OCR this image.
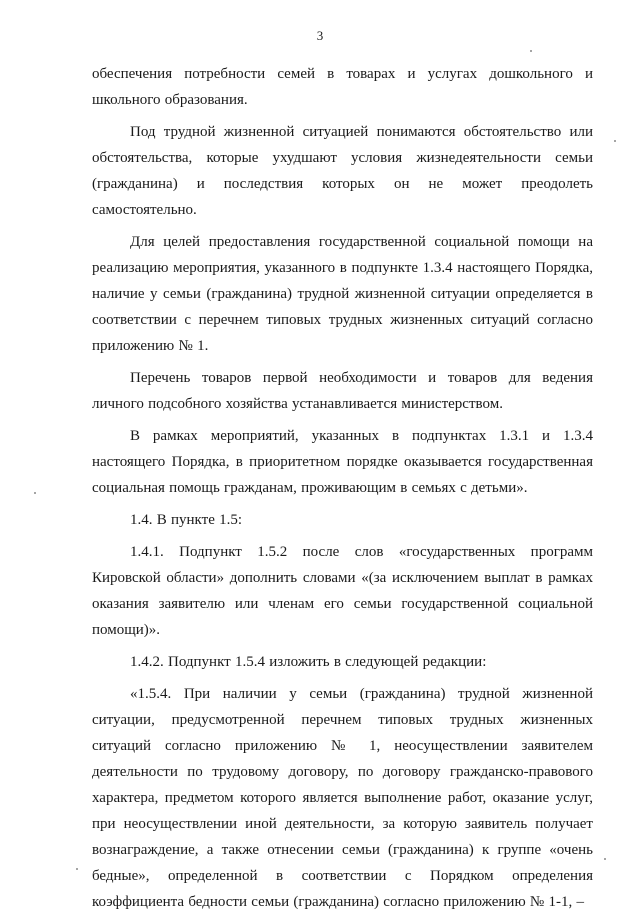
3

обеспечения потребности семей в товарах и услугах дошкольного и школьного образования.

Под трудной жизненной ситуацией понимаются обстоятельство или обстоятельства, которые ухудшают условия жизнедеятельности семьи (гражданина) и последствия которых он не может преодолеть самостоятельно.

Для целей предоставления государственной социальной помощи на реализацию мероприятия, указанного в подпункте 1.3.4 настоящего Порядка, наличие у семьи (гражданина) трудной жизненной ситуации определяется в соответствии с перечнем типовых трудных жизненных ситуаций согласно приложению № 1.

Перечень товаров первой необходимости и товаров для ведения личного подсобного хозяйства устанавливается министерством.

В рамках мероприятий, указанных в подпунктах 1.3.1 и 1.3.4 настоящего Порядка, в приоритетном порядке оказывается государственная социальная помощь гражданам, проживающим в семьях с детьми».

1.4. В пункте 1.5:

1.4.1. Подпункт 1.5.2 после слов «государственных программ Кировской области» дополнить словами «(за исключением выплат в рамках оказания заявителю или членам его семьи государственной социальной помощи)».

1.4.2. Подпункт 1.5.4 изложить в следующей редакции:

«1.5.4. При наличии у семьи (гражданина) трудной жизненной ситуации, предусмотренной перечнем типовых трудных жизненных ситуаций согласно приложению № 1, неосуществлении заявителем деятельности по трудовому договору, по договору гражданско-правового характера, предметом которого является выполнение работ, оказание услуг, при неосуществлении иной деятельности, за которую заявитель получает вознаграждение, а также отнесении семьи (гражданина) к группе «очень бедные», определенной в соответствии с Порядком определения коэффициента бедности семьи (гражданина) согласно приложению № 1-1, –
